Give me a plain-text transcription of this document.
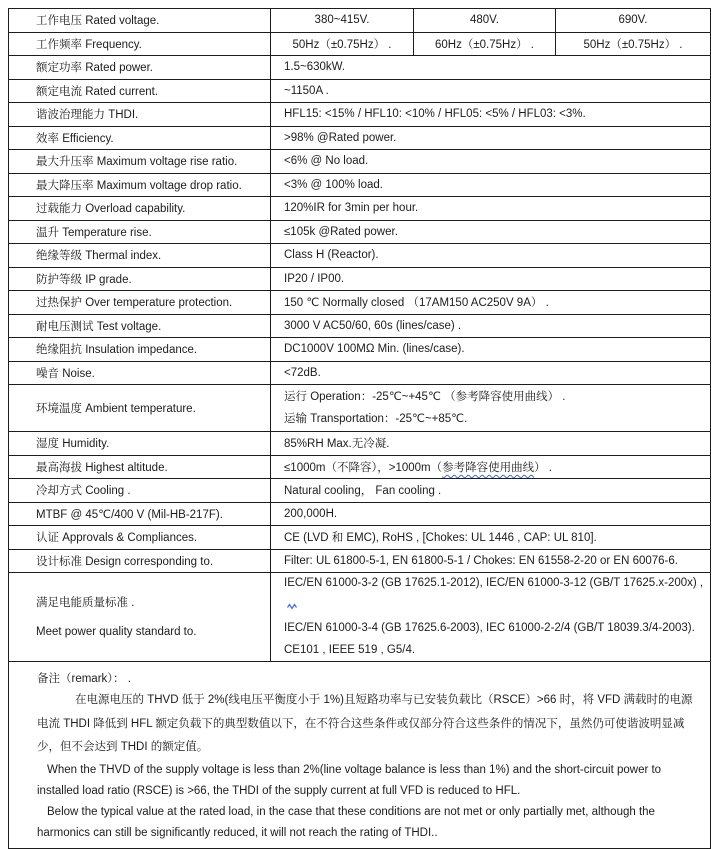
工作电压 Rated voltage.	380~415V.	480V.	690V.
工作频率 Frequency.	50Hz（±0.75Hz） .	60Hz（±0.75Hz） .	50Hz（±0.75Hz） .
额定功率 Rated power.	1.5~630kW.		
额定电流 Rated current.	~1150A .		
谐波治理能力 THDI.	HFL15: <15% / HFL10: <10% / HFL05: <5% / HFL03: <3%.		
效率 Efficiency.	>98% @Rated power.		
最大升压率 Maximum voltage rise ratio.	<6% @ No load.		
最大降压率 Maximum voltage drop ratio.	<3% @ 100% load.		
过载能力 Overload capability.	120%IR for 3min per hour.		
温升 Temperature rise.	≤105k @Rated power.		
绝缘等级 Thermal index.	Class H (Reactor).		
防护等级 IP grade.	IP20 / IP00.		
过热保护 Over temperature protection.	150 ℃ Normally closed （17AM150 AC250V 9A） .		
耐电压测试 Test voltage.	3000 V AC50/60, 60s (lines/case) .		
绝缘阻抗 Insulation impedance.	DC1000V 100MΩ Min. (lines/case).		
噪音 Noise.	<72dB.		
环境温度 Ambient temperature.	运行 Operation：-25℃~+45℃ （参考降容使用曲线） .
运输 Transportation：-25℃~+85℃.		

湿度 Humidity.	85%RH Max.无冷凝.		
最高海拔 Highest altitude.	≤1000m（不降容），>1000m（参考降容使用曲线） .		
冷却方式 Cooling .	Natural cooling， Fan cooling .		
MTBF @ 45℃/400 V (Mil-HB-217F).	200,000H.		
认证 Approvals & Compliances.	CE (LVD 和 EMC), RoHS , [Chokes: UL 1446 , CAP: UL 810].		
设计标准 Design corresponding to.	Filter: UL 61800-5-1, EN 61800-5-1 / Chokes: EN 61558-2-20 or EN 60076-6.		

满足电能质量标准 .
Meet power quality standard to.

IEC/EN 61000-3-2 (GB 17625.1-2012), IEC/EN 61000-3-12 (GB/T 17625.x-200x) ,
IEC/EN 61000-3-4 (GB 17625.6-2003), IEC 61000-2-2/4 (GB/T 18039.3/4-2003).
CE101 , IEEE 519 , G5/4.

备注（remark）： .

在电源电压的 THVD 低于 2%(线电压平衡度小于 1%)且短路功率与已安装负载比（RSCE）>66 时，将 VFD 满载时的电源电流 THDI 降低到 HFL 额定负载下的典型数值以下，在不符合这些条件或仅部分符合这些条件的情况下，虽然仍可使谐波明显减少，但不会达到 THDI 的额定值。

When the THVD of the supply voltage is less than 2%(line voltage balance is less than 1%) and the short-circuit power to installed load ratio (RSCE) is >66, the THDI of the supply current at full VFD is reduced to HFL.

Below the typical value at the rated load, in the case that these conditions are not met or only partially met, although the harmonics can still be significantly reduced, it will not reach the rating of THDI..			
